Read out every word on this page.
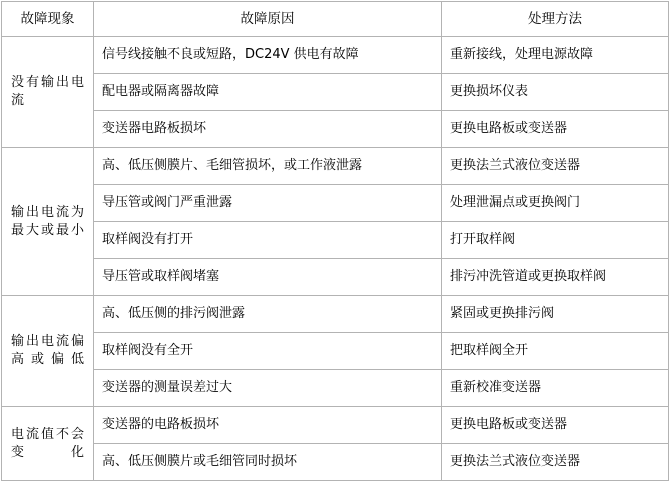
故障现象	故障原因	处理方法
没有输出电流	信号线接触不良或短路，DC24V 供电有故障	重新接线，处理电源故障
	配电器或隔离器故障	更换损坏仪表
	变送器电路板损坏	更换电路板或变送器
输出电流为最大或最小	高、低压侧膜片、毛细管损坏，或工作液泄露	更换法兰式液位变送器
	导压管或阀门严重泄露	处理泄漏点或更换阀门
	取样阀没有打开	打开取样阀
	导压管或取样阀堵塞	排污冲洗管道或更换取样阀
输出电流偏高或偏低	高、低压侧的排污阀泄露	紧固或更换排污阀
	取样阀没有全开	把取样阀全开
	变送器的测量误差过大	重新校准变送器
电流值不会变化	变送器的电路板损坏	更换电路板或变送器
	高、低压侧膜片或毛细管同时损坏	更换法兰式液位变送器
